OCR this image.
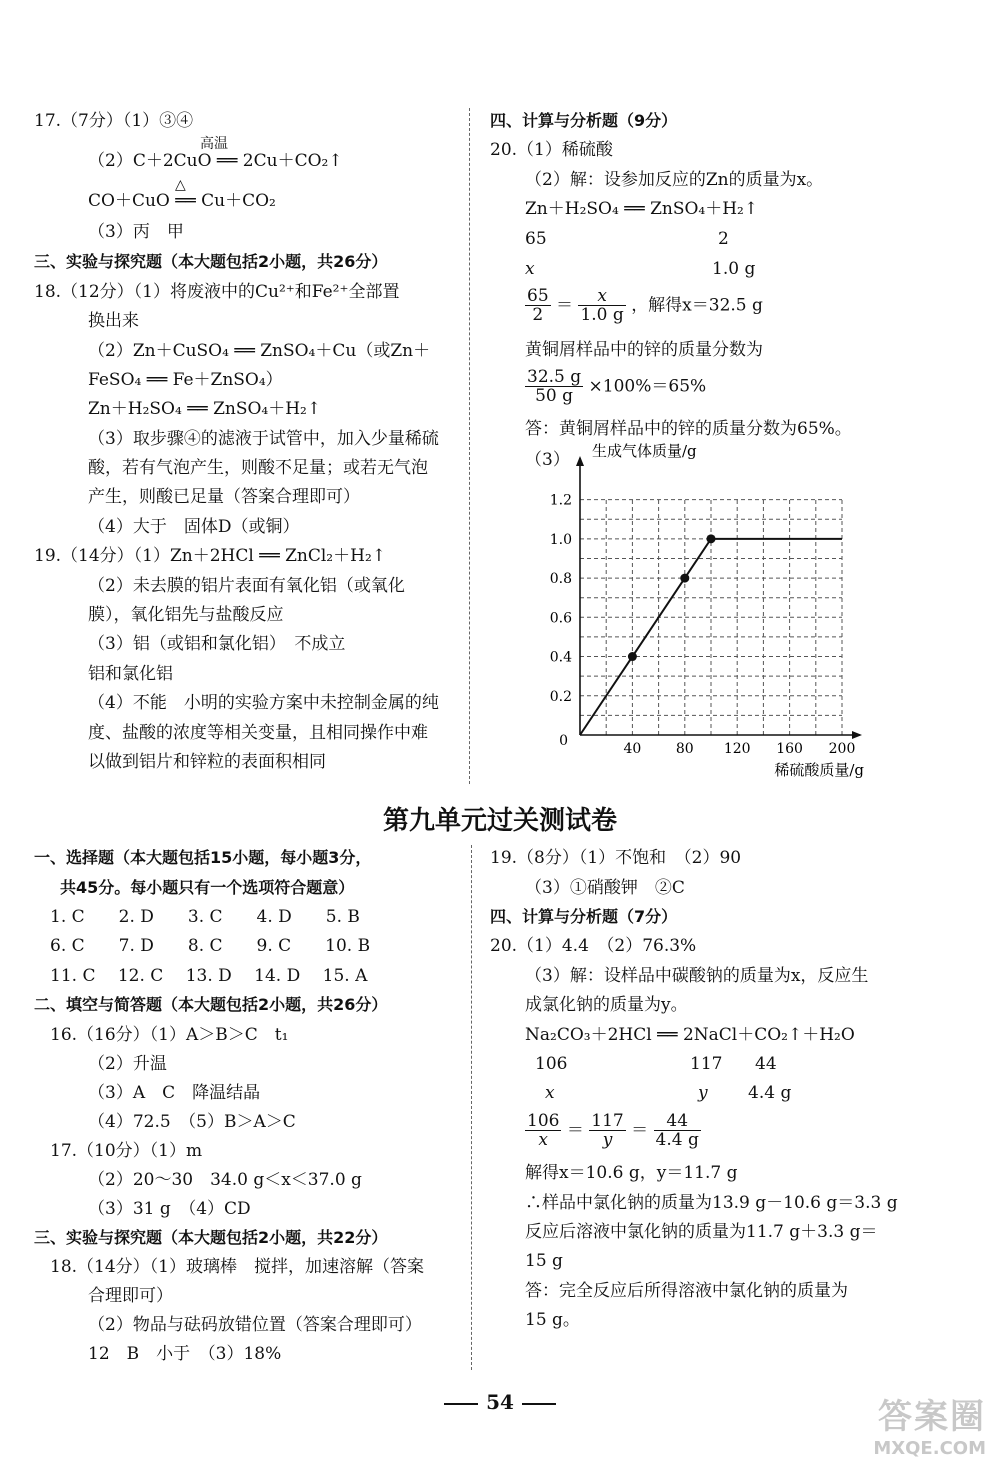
17.（7分）（1）③④
（2）C＋2CuO ══ 2Cu＋CO₂↑
高温
CO＋CuO ══ Cu＋CO₂
△
（3）丙　甲
三、实验与探究题（本大题包括2小题，共26分）
18.（12分）（1）将废液中的Cu²⁺和Fe²⁺全部置
换出来
（2）Zn＋CuSO₄ ══ ZnSO₄＋Cu（或Zn＋
FeSO₄ ══ Fe＋ZnSO₄）
Zn＋H₂SO₄ ══ ZnSO₄＋H₂↑
（3）取步骤④的滤液于试管中，加入少量稀硫
酸，若有气泡产生，则酸不足量；或若无气泡
产生，则酸已足量（答案合理即可）
（4）大于　固体D（或铜）
19.（14分）（1）Zn＋2HCl ══ ZnCl₂＋H₂↑
（2）未去膜的铝片表面有氧化铝（或氧化
膜），氧化铝先与盐酸反应
（3）铝（或铝和氯化铝）　不成立
铝和氯化铝
（4）不能　小明的实验方案中未控制金属的纯
度、盐酸的浓度等相关变量，且相同操作中难
以做到铝片和锌粒的表面积相同
四、计算与分析题（9分）
20.（1）稀硫酸
（2）解：设参加反应的Zn的质量为x。
Zn＋H₂SO₄ ══ ZnSO₄＋H₂↑
65	2
x	1.0 g
$\frac{65}{2} = \frac{x}{1.0 g}$ ，解得x＝32.5 g
黄铜屑样品中的锌的质量分数为
$\frac{32.5 g}{50 g} \times 100\%=65\%$
答：黄铜屑样品中的锌的质量分数为65%。
（3）
0.2
0.4
0.6
0.8
1.0
1.2
40 80 120 160 200
0
生成气体质量/g
稀硫酸质量/g
第九单元过关测试卷
一、选择题（本大题包括15小题，每小题3分，
共45分。每小题只有一个选项符合题意）
1. C　　2. D　　3. C　　4. D　　5. B
6. C　　7. D　　8. C　　9. C　　10. B
11. C　 12. C　 13. D　 14. D　 15. A
二、填空与简答题（本大题包括2小题，共26分）
16.（16分）（1）A＞B＞C　t₁
（2）升温
（3）A　C　降温结晶
（4）72.5　（5）B＞A＞C
17.（10分）（1）m
（2）20～30　34.0 g＜x＜37.0 g
（3）31 g　（4）CD
三、实验与探究题（本大题包括2小题，共22分）
18.（14分）（1）玻璃棒　搅拌，加速溶解（答案
合理即可）
（2）物品与砝码放错位置（答案合理即可）
12　B　小于　（3）18%
19.（8分）（1）不饱和　（2）90
（3）①硝酸钾　②C
四、计算与分析题（7分）
20.（1）4.4　（2）76.3%
（3）解：设样品中碳酸钠的质量为x，反应生
成氯化钠的质量为y。
Na₂CO₃＋2HCl ══ 2NaCl＋CO₂↑＋H₂O
106	117 44
x	y 4.4 g
$\frac{106}{x} = \frac{117}{y} = \frac{44}{4.4 g}$
解得x＝10.6 g，y＝11.7 g
∴样品中氯化钠的质量为13.9 g－10.6 g＝3.3 g
反应后溶液中氯化钠的质量为11.7 g＋3.3 g＝
15 g
答：完全反应后所得溶液中氯化钠的质量为
15 g。
54	答案圈
MXQE.COM
